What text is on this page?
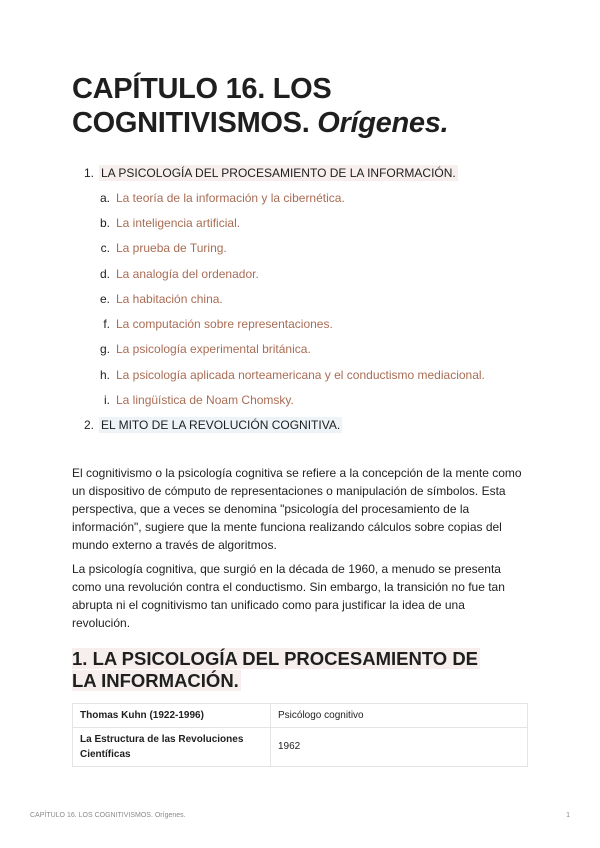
CAPÍTULO 16. LOS COGNITIVISMOS. Orígenes.
1. LA PSICOLOGÍA DEL PROCESAMIENTO DE LA INFORMACIÓN.
a. La teoría de la información y la cibernética.
b. La inteligencia artificial.
c. La prueba de Turing.
d. La analogía del ordenador.
e. La habitación china.
f. La computación sobre representaciones.
g. La psicología experimental británica.
h. La psicología aplicada norteamericana y el conductismo mediacional.
i. La lingüística de Noam Chomsky.
2. EL MITO DE LA REVOLUCIÓN COGNITIVA.

El cognitivismo o la psicología cognitiva se refiere a la concepción de la mente como un dispositivo de cómputo de representaciones o manipulación de símbolos. Esta perspectiva, que a veces se denomina "psicología del procesamiento de la información", sugiere que la mente funciona realizando cálculos sobre copias del mundo externo a través de algoritmos.

La psicología cognitiva, que surgió en la década de 1960, a menudo se presenta como una revolución contra el conductismo. Sin embargo, la transición no fue tan abrupta ni el cognitivismo tan unificado como para justificar la idea de una revolución.

1. LA PSICOLOGÍA DEL PROCESAMIENTO DE LA INFORMACIÓN.
Thomas Kuhn (1922-1996)	Psicólogo cognitivo
La Estructura de las Revoluciones Científicas	1962
CAPÍTULO 16. LOS COGNITIVISMOS. Orígenes.	1
